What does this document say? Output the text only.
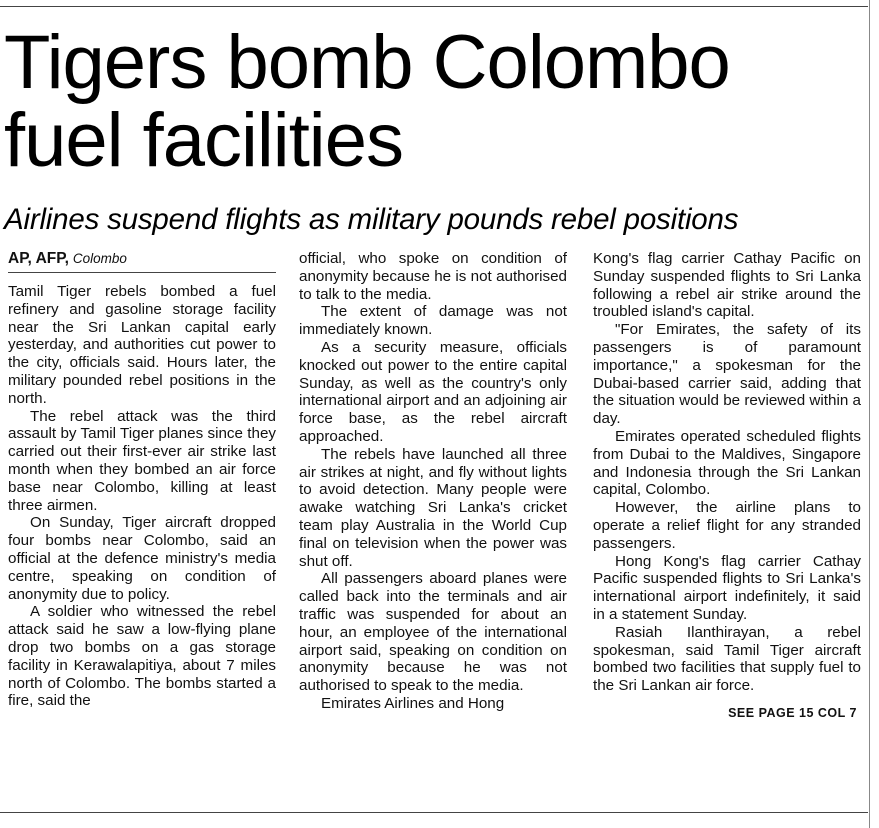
Tigers bomb Colombo
fuel facilities
Airlines suspend flights as military pounds rebel positions
AP, AFP, Colombo

Tamil Tiger rebels bombed a fuel refinery and gasoline storage facility near the Sri Lankan capital early yesterday, and authorities cut power to the city, officials said. Hours later, the military pounded rebel positions in the north.

The rebel attack was the third assault by Tamil Tiger planes since they carried out their first-ever air strike last month when they bombed an air force base near Colombo, killing at least three airmen.

On Sunday, Tiger aircraft dropped four bombs near Colombo, said an official at the defence ministry's media centre, speaking on condition of anonymity due to policy.

A soldier who witnessed the rebel attack said he saw a low-flying plane drop two bombs on a gas storage facility in Kerawalapitiya, about 7 miles north of Colombo. The bombs started a fire, said the

official, who spoke on condition of anonymity because he is not authorised to talk to the media.

The extent of damage was not immediately known.

As a security measure, officials knocked out power to the entire capital Sunday, as well as the country's only international airport and an adjoining air force base, as the rebel aircraft approached.

The rebels have launched all three air strikes at night, and fly without lights to avoid detection. Many people were awake watching Sri Lanka's cricket team play Australia in the World Cup final on television when the power was shut off.

All passengers aboard planes were called back into the terminals and air traffic was suspended for about an hour, an employee of the international airport said, speaking on condition on anonymity because he was not authorised to speak to the media.

Emirates Airlines and Hong

Kong's flag carrier Cathay Pacific on Sunday suspended flights to Sri Lanka following a rebel air strike around the troubled island's capital.

"For Emirates, the safety of its passengers is of paramount importance," a spokesman for the Dubai-based carrier said, adding that the situation would be reviewed within a day.

Emirates operated scheduled flights from Dubai to the Maldives, Singapore and Indonesia through the Sri Lankan capital, Colombo.

However, the airline plans to operate a relief flight for any stranded passengers.

Hong Kong's flag carrier Cathay Pacific suspended flights to Sri Lanka's international airport indefinitely, it said in a statement Sunday.

Rasiah Ilanthirayan, a rebel spokesman, said Tamil Tiger aircraft bombed two facilities that supply fuel to the Sri Lankan air force.

SEE PAGE 15 COL 7
